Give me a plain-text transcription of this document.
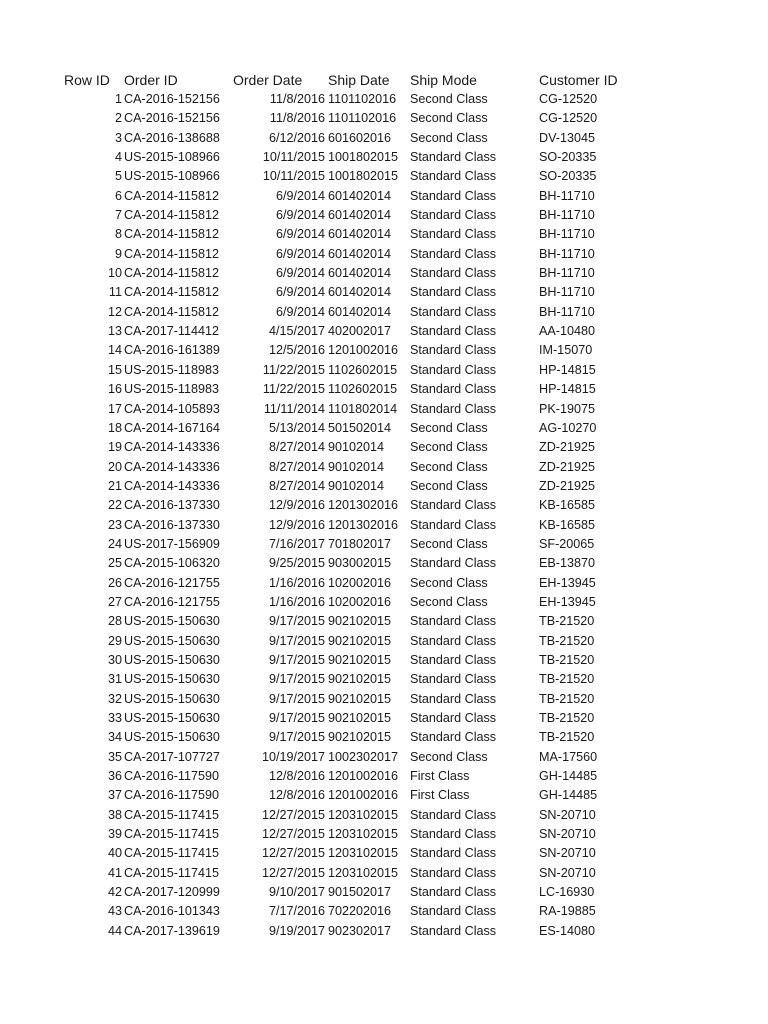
Row ID Order ID	Order Date Ship Date Ship Mode	Customer ID
1 CA-2016-152156	11/8/2016 1101102016 Second Class	CG-12520
2 CA-2016-152156	11/8/2016 1101102016 Second Class	CG-12520
3 CA-2016-138688	6/12/2016 601602016 Second Class	DV-13045
4 US-2015-108966	10/11/2015 1001802015 Standard Class	SO-20335
5 US-2015-108966	10/11/2015 1001802015 Standard Class	SO-20335
6 CA-2014-115812	6/9/2014 601402014 Standard Class	BH-11710
7 CA-2014-115812	6/9/2014 601402014 Standard Class	BH-11710
8 CA-2014-115812	6/9/2014 601402014 Standard Class	BH-11710
9 CA-2014-115812	6/9/2014 601402014 Standard Class	BH-11710
10 CA-2014-115812	6/9/2014 601402014 Standard Class	BH-11710
11 CA-2014-115812	6/9/2014 601402014 Standard Class	BH-11710
12 CA-2014-115812	6/9/2014 601402014 Standard Class	BH-11710
13 CA-2017-114412	4/15/2017 402002017 Standard Class	AA-10480
14 CA-2016-161389	12/5/2016 1201002016 Standard Class	IM-15070
15 US-2015-118983	11/22/2015 1102602015 Standard Class	HP-14815
16 US-2015-118983	11/22/2015 1102602015 Standard Class	HP-14815
17 CA-2014-105893	11/11/2014 1101802014 Standard Class	PK-19075
18 CA-2014-167164	5/13/2014 501502014 Second Class	AG-10270
19 CA-2014-143336	8/27/2014 90102014 Second Class	ZD-21925
20 CA-2014-143336	8/27/2014 90102014 Second Class	ZD-21925
21 CA-2014-143336	8/27/2014 90102014 Second Class	ZD-21925
22 CA-2016-137330	12/9/2016 1201302016 Standard Class	KB-16585
23 CA-2016-137330	12/9/2016 1201302016 Standard Class	KB-16585
24 US-2017-156909	7/16/2017 701802017 Second Class	SF-20065
25 CA-2015-106320	9/25/2015 903002015 Standard Class	EB-13870
26 CA-2016-121755	1/16/2016 102002016 Second Class	EH-13945
27 CA-2016-121755	1/16/2016 102002016 Second Class	EH-13945
28 US-2015-150630	9/17/2015 902102015 Standard Class	TB-21520
29 US-2015-150630	9/17/2015 902102015 Standard Class	TB-21520
30 US-2015-150630	9/17/2015 902102015 Standard Class	TB-21520
31 US-2015-150630	9/17/2015 902102015 Standard Class	TB-21520
32 US-2015-150630	9/17/2015 902102015 Standard Class	TB-21520
33 US-2015-150630	9/17/2015 902102015 Standard Class	TB-21520
34 US-2015-150630	9/17/2015 902102015 Standard Class	TB-21520
35 CA-2017-107727	10/19/2017 1002302017 Second Class	MA-17560
36 CA-2016-117590	12/8/2016 1201002016 First Class	GH-14485
37 CA-2016-117590	12/8/2016 1201002016 First Class	GH-14485
38 CA-2015-117415	12/27/2015 1203102015 Standard Class	SN-20710
39 CA-2015-117415	12/27/2015 1203102015 Standard Class	SN-20710
40 CA-2015-117415	12/27/2015 1203102015 Standard Class	SN-20710
41 CA-2015-117415	12/27/2015 1203102015 Standard Class	SN-20710
42 CA-2017-120999	9/10/2017 901502017 Standard Class	LC-16930
43 CA-2016-101343	7/17/2016 702202016 Standard Class	RA-19885
44 CA-2017-139619	9/19/2017 902302017 Standard Class	ES-14080
